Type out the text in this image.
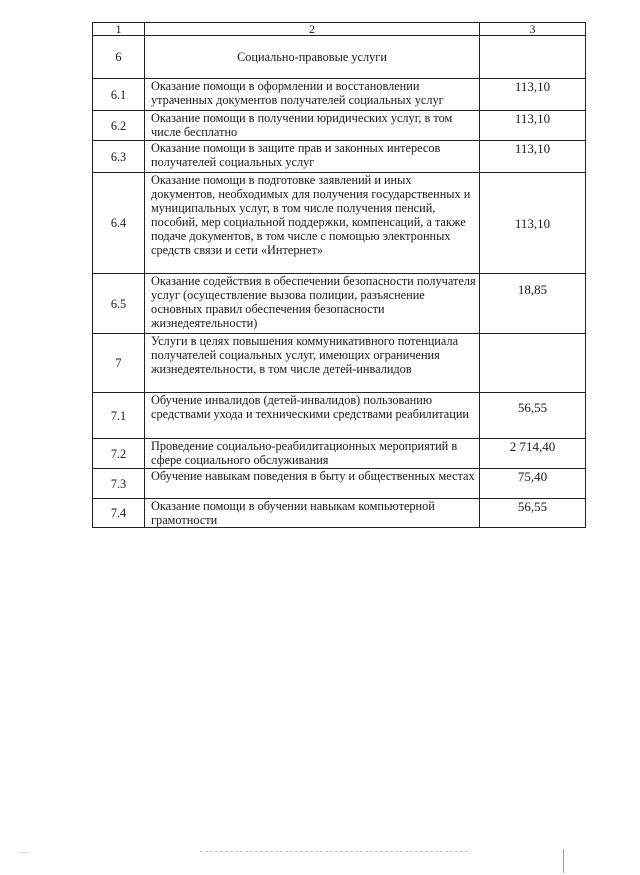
1	2	3
6	Социально-правовые услуги	
6.1	Оказание помощи в оформлении и восстановлении утраченных документов получателей социальных услуг	113,10
6.2	Оказание помощи в получении юридических услуг, в том числе бесплатно	113,10
6.3	Оказание помощи в защите прав и законных интересов получателей социальных услуг	113,10
6.4	Оказание помощи в подготовке заявлений и иных документов, необходимых для получения государственных и муниципальных услуг, в том числе получения пенсий, пособий, мер социальной поддержки, компенсаций, а также подаче документов, в том числе с помощью электронных средств связи и сети «Интернет»	113,10
6.5	Оказание содействия в обеспечении безопасности получателя услуг (осуществление вызова полиции, разъяснение основных правил обеспечения безопасности жизнедеятельности)	18,85
7	Услуги в целях повышения коммуникативного потенциала получателей социальных услуг, имеющих ограничения жизнедеятельности, в том числе детей-инвалидов	
7.1	Обучение инвалидов (детей-инвалидов) пользованию средствами ухода и техническими средствами реабилитации	56,55
7.2	Проведение социально-реабилитационных мероприятий в сфере социального обслуживания	2 714,40
7.3	Обучение навыкам поведения в быту и общественных местах	75,40
7.4	Оказание помощи в обучении навыкам компьютерной грамотности	56,55
